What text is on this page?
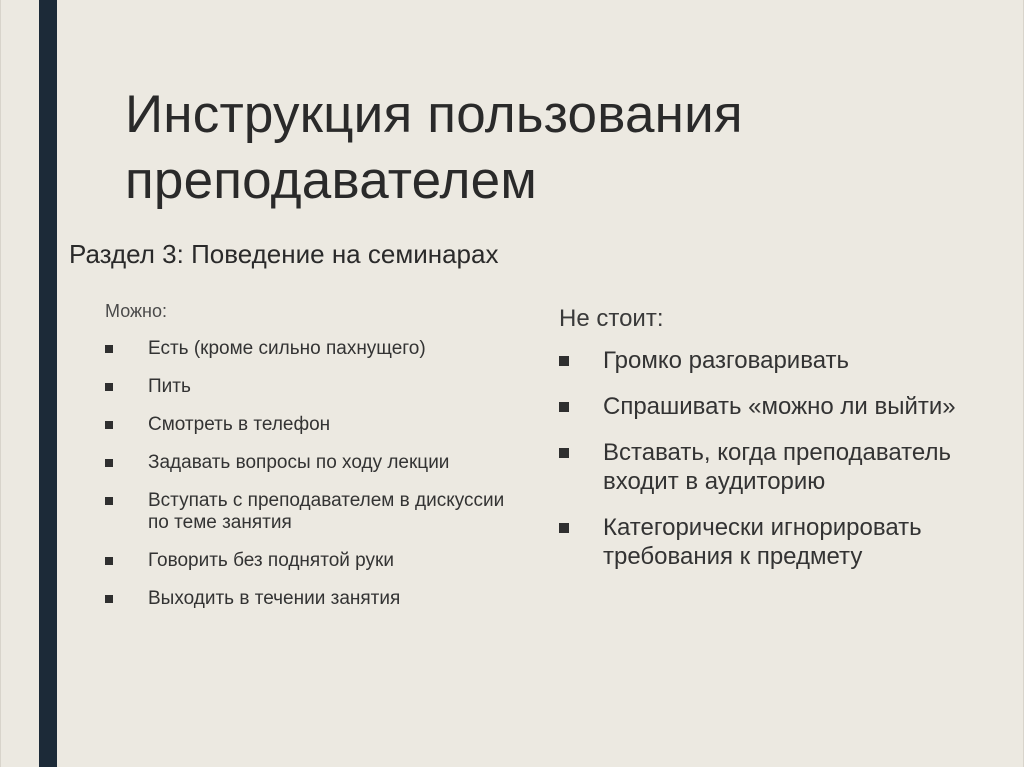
Инструкция пользования преподавателем
Раздел 3: Поведение на семинарах

Можно:

Есть (кроме сильно пахнущего)
Пить
Смотреть в телефон
Задавать вопросы по ходу лекции
Вступать с преподавателем в дискуссии по теме занятия
Говорить без поднятой руки
Выходить в течении занятия

Не стоит:

Громко разговаривать
Спрашивать «можно ли выйти»
Вставать, когда преподаватель входит в аудиторию
Категорически игнорировать требования к предмету
